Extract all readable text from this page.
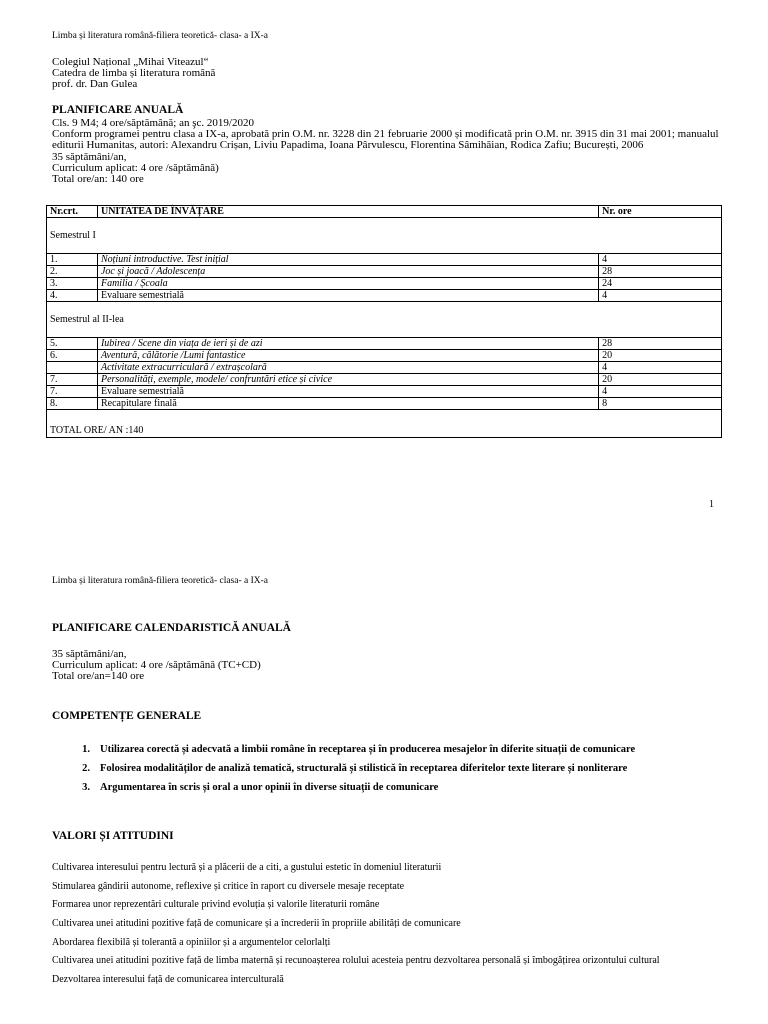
Limba și literatura română-filiera teoretică- clasa- a IX-a
Colegiul Național „Mihai Viteazul“
Catedra de limba și literatura română
prof. dr. Dan Gulea
PLANIFICARE ANUALĂ
Cls. 9 M4; 4 ore/săptămână; an şc. 2019/2020
Conform programei pentru clasa a IX-a, aprobată prin O.M. nr. 3228 din 21 februarie 2000 și modificată prin O.M. nr. 3915 din 31 mai 2001; manualul editurii Humanitas, autori: Alexandru Crișan, Liviu Papadima, Ioana Pârvulescu, Florentina Sâmihăian, Rodica Zafiu; București, 2006
35 săptămâni/an,
Curriculum aplicat: 4 ore /săptămână)
Total ore/an: 140 ore
Nr.crt.	UNITATEA DE ÎNVĂȚARE	Nr. ore
Semestrul I		
1.	Noțiuni introductive. Test inițial	4
2.	Joc și joacă / Adolescența	28
3.	Familia / Școala	24
4.	Evaluare semestrială	4
Semestrul al II-lea		
5.	Iubirea / Scene din viața de ieri și de azi	28
6.	Aventură, călătorie /Lumi fantastice	20
	Activitate extracurriculară / extrașcolară	4
7.	Personalități, exemple, modele/ confruntări etice și civice	20
7.	Evaluare semestrială	4
8.	Recapitulare finală	8
TOTAL ORE/ AN :140		
1
Limba și literatura română-filiera teoretică- clasa- a IX-a
PLANIFICARE CALENDARISTICĂ ANUALĂ
35 săptămâni/an,
Curriculum aplicat: 4 ore /săptămână (TC+CD)
Total ore/an=140 ore
COMPETENȚE GENERALE
1. Utilizarea corectă și adecvată a limbii române în receptarea și în producerea mesajelor în diferite situații de comunicare
2. Folosirea modalităților de analiză tematică, structurală și stilistică în receptarea diferitelor texte literare și nonliterare
3. Argumentarea în scris și oral a unor opinii în diverse situații de comunicare
VALORI ȘI ATITUDINI
Cultivarea interesului pentru lectură și a plăcerii de a citi, a gustului estetic în domeniul literaturii
Stimularea gândirii autonome, reflexive și critice în raport cu diversele mesaje receptate
Formarea unor reprezentări culturale privind evoluția și valorile literaturii române
Cultivarea unei atitudini pozitive față de comunicare și a încrederii în propriile abilități de comunicare
Abordarea flexibilă și tolerantă a opiniilor și a argumentelor celorlalți
Cultivarea unei atitudini pozitive față de limba maternă și recunoașterea rolului acesteia pentru dezvoltarea personală și îmbogățirea orizontului cultural
Dezvoltarea interesului față de comunicarea interculturală
